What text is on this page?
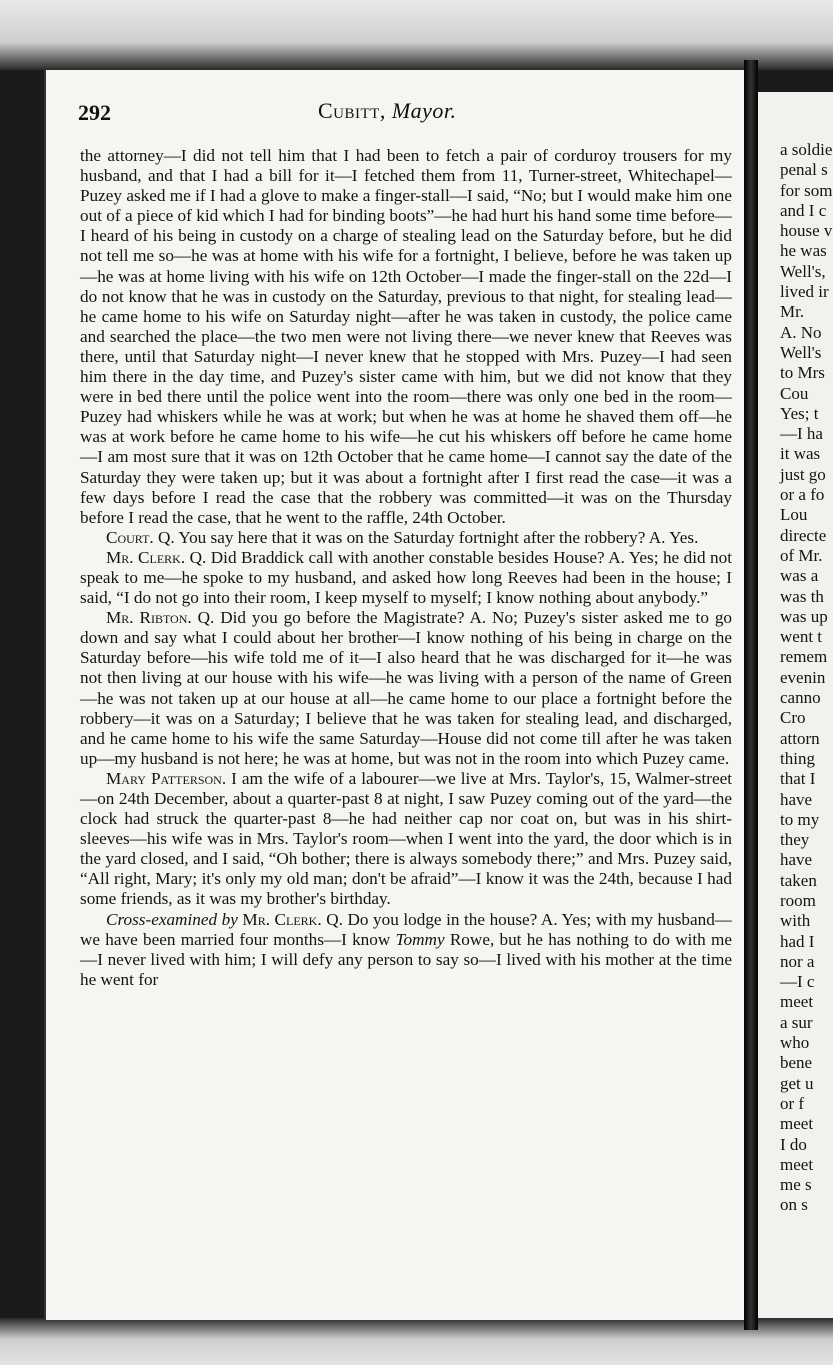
a soldie
penal s
for som
and I c
house v
he was
Well's,
lived ir
Mr.
A. No
Well's
to Mrs
Cou
Yes; t
—I ha
it was
just go
or a fo
Lou
directe
of Mr.
was a
was th
was up
went t
remem
evenin
canno
Cro
attorn
thing
that I
have
to my
they
have
taken
room
with
had I
nor a
—I c
meet
a sur
who
bene
get u
or f
meet
I do
meet
me s
on s
292	Cubitt, Mayor.

the attorney—I did not tell him that I had been to fetch a pair of corduroy trousers for my husband, and that I had a bill for it—I fetched them from 11, Turner-street, Whitechapel—Puzey asked me if I had a glove to make a finger-stall—I said, “No; but I would make him one out of a piece of kid which I had for binding boots”—he had hurt his hand some time before—I heard of his being in custody on a charge of stealing lead on the Saturday before, but he did not tell me so—he was at home with his wife for a fortnight, I believe, before he was taken up—he was at home living with his wife on 12th October—I made the finger-stall on the 22d—I do not know that he was in custody on the Saturday, previous to that night, for stealing lead—he came home to his wife on Saturday night—after he was taken in custody, the police came and searched the place—the two men were not living there—we never knew that Reeves was there, until that Saturday night—I never knew that he stopped with Mrs. Puzey—I had seen him there in the day time, and Puzey's sister came with him, but we did not know that they were in bed there until the police went into the room—there was only one bed in the room—Puzey had whiskers while he was at work; but when he was at home he shaved them off—he was at work before he came home to his wife—he cut his whiskers off before he came home—I am most sure that it was on 12th October that he came home—I cannot say the date of the Saturday they were taken up; but it was about a fortnight after I first read the case—it was a few days before I read the case that the robbery was committed—it was on the Thursday before I read the case, that he went to the raffle, 24th October.

Court. Q. You say here that it was on the Saturday fortnight after the robbery? A. Yes.

Mr. Clerk. Q. Did Braddick call with another constable besides House? A. Yes; he did not speak to me—he spoke to my husband, and asked how long Reeves had been in the house; I said, “I do not go into their room, I keep myself to myself; I know nothing about anybody.”

Mr. Ribton. Q. Did you go before the Magistrate? A. No; Puzey's sister asked me to go down and say what I could about her brother—I know nothing of his being in charge on the Saturday before—his wife told me of it—I also heard that he was discharged for it—he was not then living at our house with his wife—he was living with a person of the name of Green—he was not taken up at our house at all—he came home to our place a fortnight before the robbery—it was on a Saturday; I believe that he was taken for stealing lead, and discharged, and he came home to his wife the same Saturday—House did not come till after he was taken up—my husband is not here; he was at home, but was not in the room into which Puzey came.

Mary Patterson. I am the wife of a labourer—we live at Mrs. Taylor's, 15, Walmer-street—on 24th December, about a quarter-past 8 at night, I saw Puzey coming out of the yard—the clock had struck the quarter-past 8—he had neither cap nor coat on, but was in his shirt-sleeves—his wife was in Mrs. Taylor's room—when I went into the yard, the door which is in the yard closed, and I said, “Oh bother; there is always somebody there;” and Mrs. Puzey said, “All right, Mary; it's only my old man; don't be afraid”—I know it was the 24th, because I had some friends, as it was my brother's birthday.

Cross-examined by Mr. Clerk. Q. Do you lodge in the house? A. Yes; with my husband—we have been married four months—I know Tommy Rowe, but he has nothing to do with me—I never lived with him; I will defy any person to say so—I lived with his mother at the time he went for
